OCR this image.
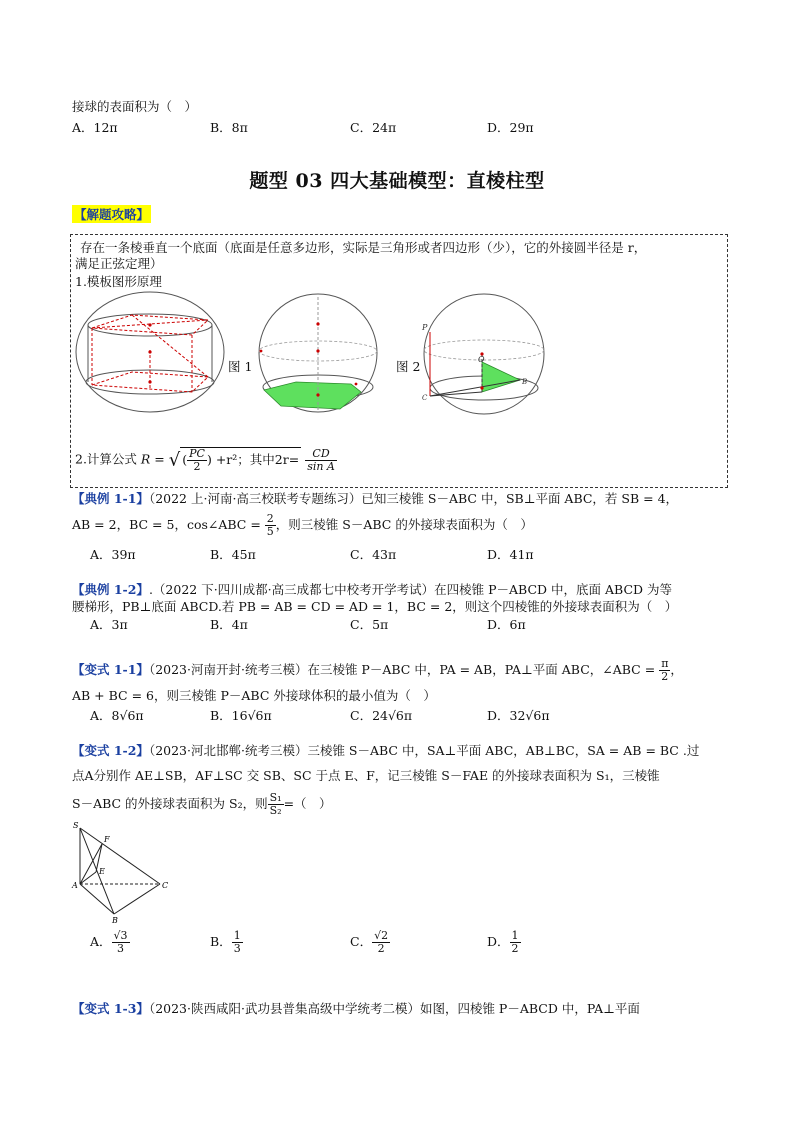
接球的表面积为（　）
A．12π	B．8π	C．24π	D．29π
题型 03 四大基础模型：直棱柱型
【解题攻略】
存在一条棱垂直一个底面（底面是任意多边形，实际是三角形或者四边形（少），它的外接圆半径是 r，
满足正弦定理）
1.模板图形原理
图 1
P
O
B
C
图 2
2.计算公式 R = √( $\frac{PC}{2}$ ) +r²；其中$2r= \frac{CD}{\text{sin A}}$
【典例 1-1】（2022 上·河南·高三校联考专题练习）已知三棱锥 S－ABC 中，SB⊥平面 ABC，若 SB = 4，
AB = 2，BC = 5，cos∠ABC = $\frac{2}{5}$ ，则三棱锥 S－ABC 的外接球表面积为（　）
A．39π	B．45π	C．43π	D．41π
【典例 1-2】.（2022 下·四川成都·高三成都七中校考开学考试）在四棱锥 P－ABCD 中，底面 ABCD 为等
腰梯形，PB⊥底面 ABCD.若 PB = AB = CD = AD = 1，BC = 2，则这个四棱锥的外接球表面积为（　）
A．3π	B．4π	C．5π	D．6π
【变式 1-1】（2023·河南开封·统考三模）在三棱锥 P－ABC 中，PA = AB，PA⊥平面 ABC，∠ABC = $\frac{\pi}{2}$ ，
AB + BC = 6，则三棱锥 P－ABC 外接球体积的最小值为（　）
A．8√6π	B．16√6π	C．24√6π	D．32√6π
【变式 1-2】（2023·河北邯郸·统考三模）三棱锥 S－ABC 中，SA⊥平面 ABC，AB⊥BC，SA = AB = BC .过
点A分别作 AE⊥SB，AF⊥SC 交 SB、SC 于点 E、F，记三棱锥 S－FAE 的外接球表面积为 S₁，三棱锥
S－ABC 的外接球表面积为 S₂，则 $\frac{\text{S₁}}{\text{S₂}}$ =（　）
S
F
E
A	C
B
A． $\frac{√3}{3}$	B． $\frac{1}{3}$	C． $\frac{√2}{2}$	D． $\frac{1}{2}$
【变式 1-3】（2023·陕西咸阳·武功县普集高级中学统考二模）如图，四棱锥 P－ABCD 中，PA⊥平面
